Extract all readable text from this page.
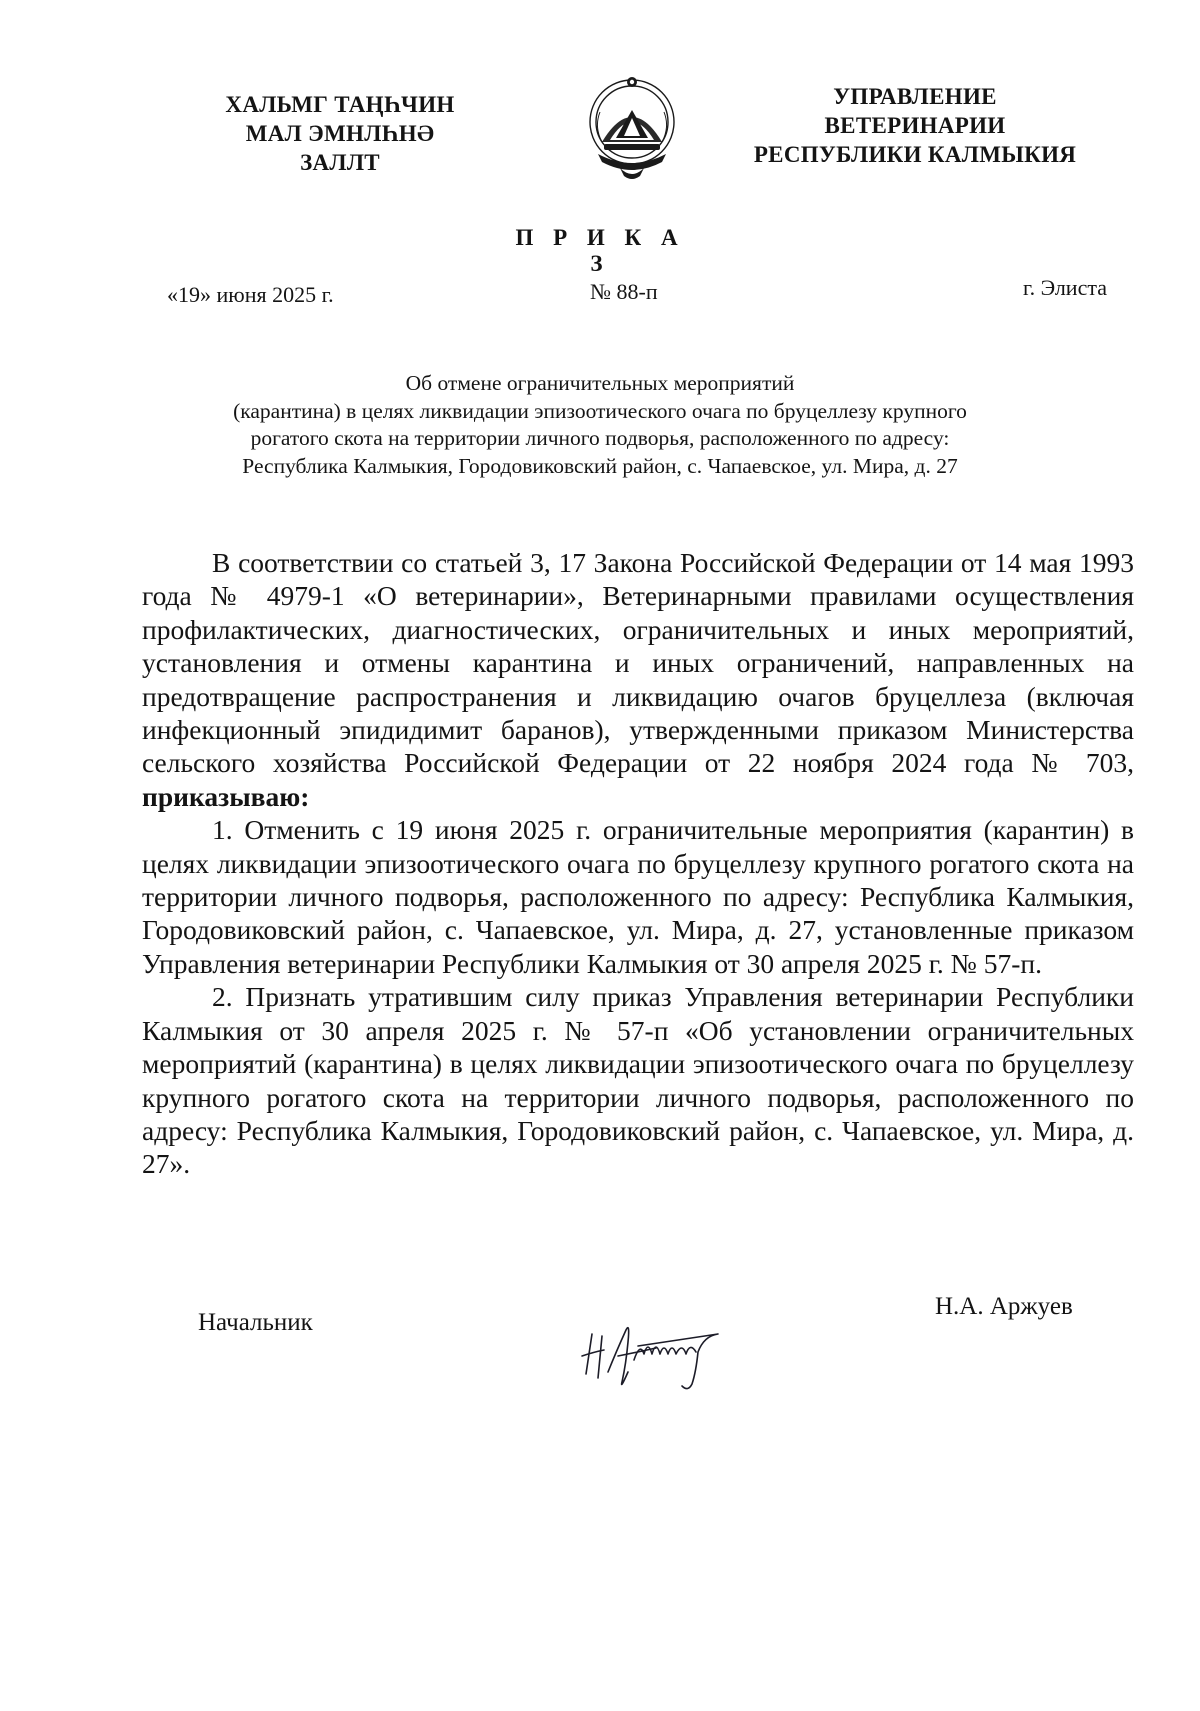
ХАЛЬМГ ТАҢҺЧИН
МАЛ ЭМНЛҺНӘ
ЗАЛЛТ
УПРАВЛЕНИЕ
ВЕТЕРИНАРИИ
РЕСПУБЛИКИ КАЛМЫКИЯ
П Р И К А З
«19» июня 2025 г.	№ 88-п	г. Элиста
Об отмене ограничительных мероприятий
(карантина) в целях ликвидации эпизоотического очага по бруцеллезу крупного
рогатого скота на территории личного подворья, расположенного по адресу:
Республика Калмыкия, Городовиковский район, с. Чапаевское, ул. Мира, д. 27

В соответствии со статьей 3, 17 Закона Российской Федерации от 14 мая 1993 года № 4979-1 «О ветеринарии», Ветеринарными правилами осуществления профилактических, диагностических, ограничительных и иных мероприятий, установления и отмены карантина и иных ограничений, направленных на предотвращение распространения и ликвидацию очагов бруцеллеза (включая инфекционный эпидидимит баранов), утвержденными приказом Министерства сельского хозяйства Российской Федерации от 22 ноября 2024 года № 703, приказываю:

1. Отменить с 19 июня 2025 г. ограничительные мероприятия (карантин) в целях ликвидации эпизоотического очага по бруцеллезу крупного рогатого скота на территории личного подворья, расположенного по адресу: Республика Калмыкия, Городовиковский район, с. Чапаевское, ул. Мира, д. 27, установленные приказом Управления ветеринарии Республики Калмыкия от 30 апреля 2025 г. № 57-п.

2. Признать утратившим силу приказ Управления ветеринарии Республики Калмыкия от 30 апреля 2025 г. № 57-п «Об установлении ограничительных мероприятий (карантина) в целях ликвидации эпизоотического очага по бруцеллезу крупного рогатого скота на территории личного подворья, расположенного по адресу: Республика Калмыкия, Городовиковский район, с. Чапаевское, ул. Мира, д. 27».

Начальник
Н.А. Аржуев
